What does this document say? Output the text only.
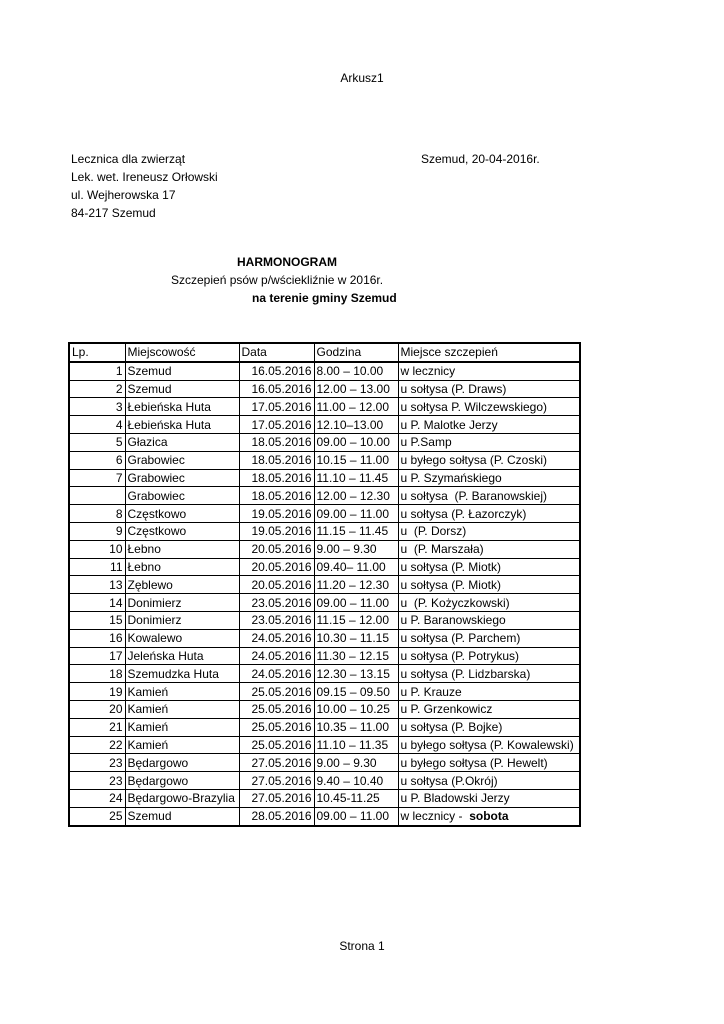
Arkusz1
Lecznica dla zwierząt
Lek. wet. Ireneusz Orłowski
ul. Wejherowska 17
84-217 Szemud
Szemud, 20-04-2016r.
HARMONOGRAM
Szczepień psów p/wściekliźnie w 2016r.
na terenie gminy Szemud
Lp.	Miejscowość	Data	Godzina	Miejsce szczepień
1	Szemud	16.05.2016	8.00 – 10.00	w lecznicy
2	Szemud	16.05.2016	12.00 – 13.00	u sołtysa (P. Draws)
3	Łebieńska Huta	17.05.2016	11.00 – 12.00	u sołtysa P. Wilczewskiego)
4	Łebieńska Huta	17.05.2016	12.10–13.00	u P. Malotke Jerzy
5	Głazica	18.05.2016	09.00 – 10.00	u P.Samp
6	Grabowiec	18.05.2016	10.15 – 11.00	u byłego sołtysa (P. Czoski)
7	Grabowiec	18.05.2016	11.10 – 11.45	u P. Szymańskiego
	Grabowiec	18.05.2016	12.00 – 12.30	u sołtysa  (P. Baranowskiej)
8	Częstkowo	19.05.2016	09.00 – 11.00	u sołtysa (P. Łazorczyk)
9	Częstkowo	19.05.2016	11.15 – 11.45	u  (P. Dorsz)
10	Łebno	20.05.2016	9.00 – 9.30	u  (P. Marszała)
11	Łebno	20.05.2016	09.40– 11.00	u sołtysa (P. Miotk)
13	Zęblewo	20.05.2016	11.20 – 12.30	u sołtysa (P. Miotk)
14	Donimierz	23.05.2016	09.00 – 11.00	u  (P. Kożyczkowski)
15	Donimierz	23.05.2016	11.15 – 12.00	u P. Baranowskiego
16	Kowalewo	24.05.2016	10.30 – 11.15	u sołtysa (P. Parchem)
17	Jeleńska Huta	24.05.2016	11.30 – 12.15	u sołtysa (P. Potrykus)
18	Szemudzka Huta	24.05.2016	12.30 – 13.15	u sołtysa (P. Lidzbarska)
19	Kamień	25.05.2016	09.15 – 09.50	u P. Krauze
20	Kamień	25.05.2016	10.00 – 10.25	u P. Grzenkowicz
21	Kamień	25.05.2016	10.35 – 11.00	u sołtysa (P. Bojke)
22	Kamień	25.05.2016	11.10 – 11.35	u byłego sołtysa (P. Kowalewski)
23	Będargowo	27.05.2016	9.00 – 9.30	u byłego sołtysa (P. Hewelt)
23	Będargowo	27.05.2016	9.40 – 10.40	u sołtysa (P.Okrój)
24	Będargowo-Brazylia	27.05.2016	10.45-11.25	u P. Bladowski Jerzy
25	Szemud	28.05.2016	09.00 – 11.00	w lecznicy -  sobota
Strona 1
